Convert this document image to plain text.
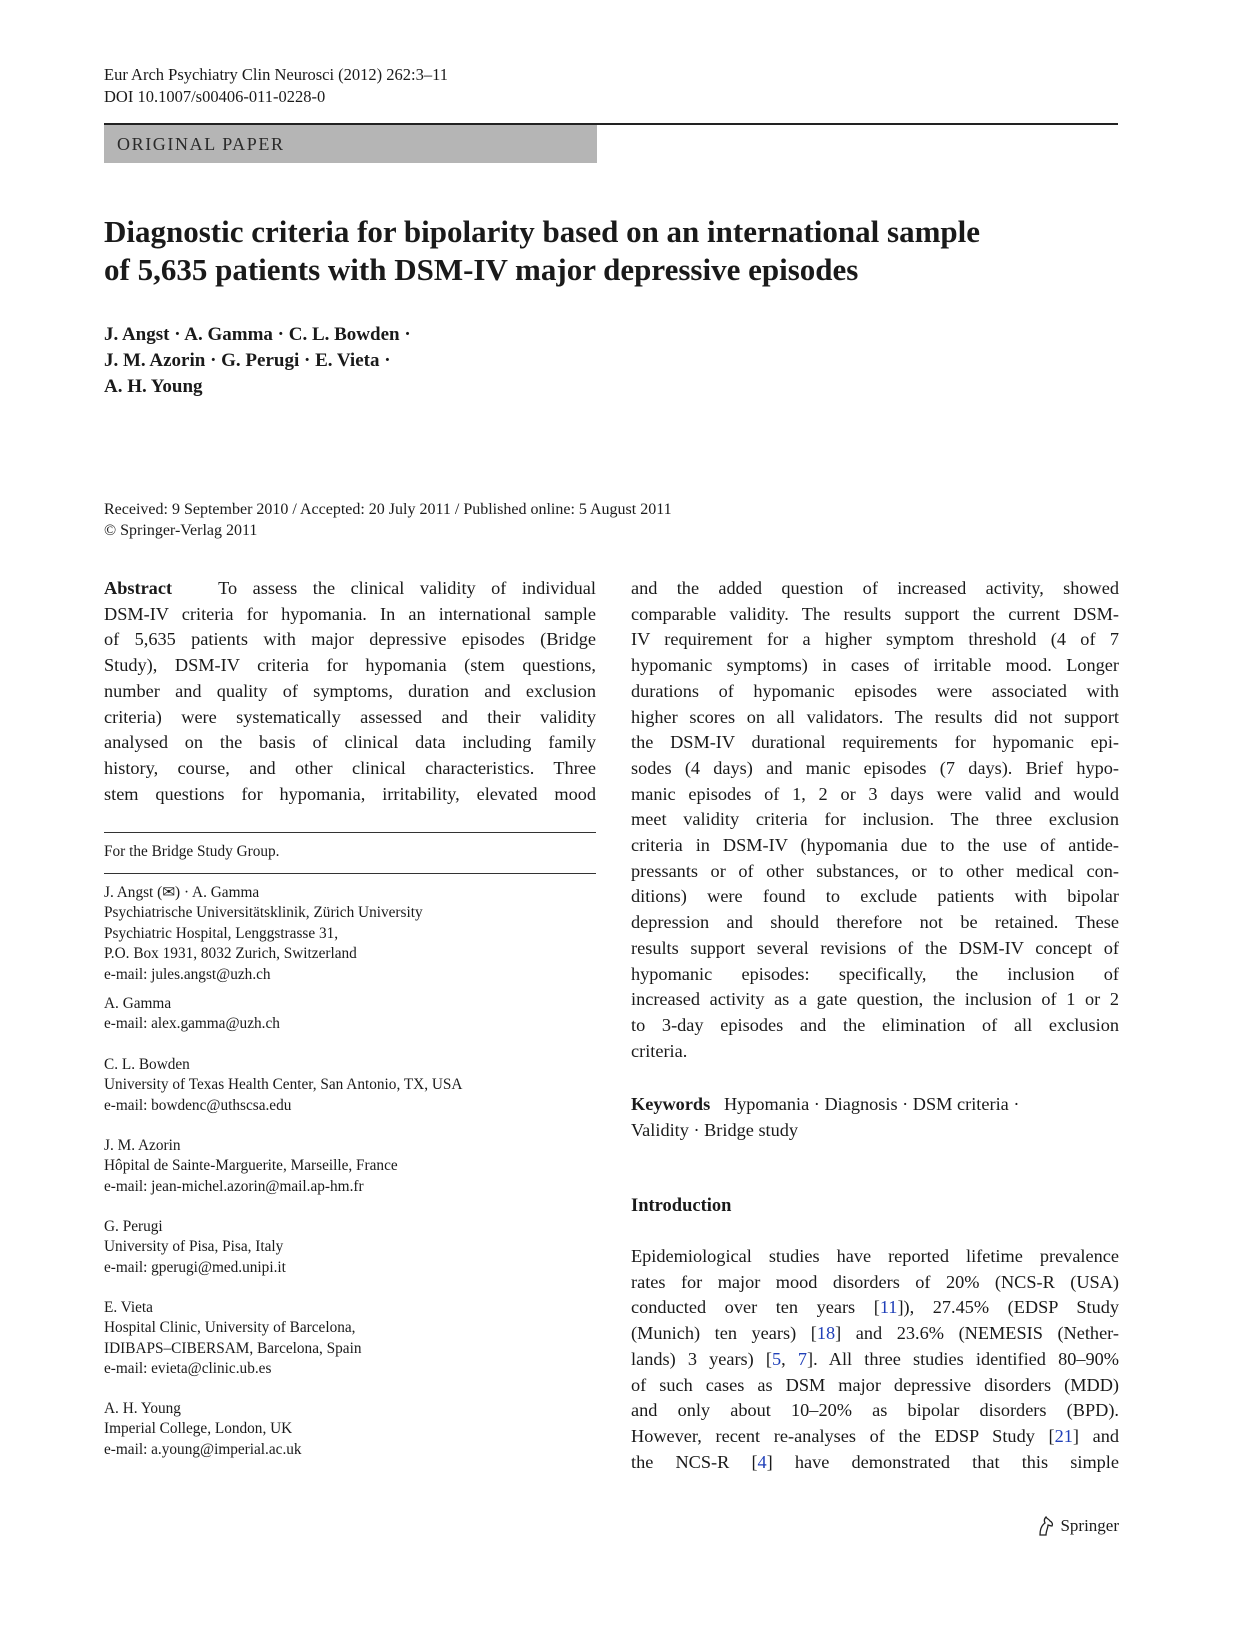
Eur Arch Psychiatry Clin Neurosci (2012) 262:3–11
DOI 10.1007/s00406-011-0228-0
ORIGINAL PAPER
Diagnostic criteria for bipolarity based on an international sample
of 5,635 patients with DSM-IV major depressive episodes
J. Angst · A. Gamma · C. L. Bowden ·
J. M. Azorin · G. Perugi · E. Vieta ·
A. H. Young
Received: 9 September 2010 / Accepted: 20 July 2011 / Published online: 5 August 2011
© Springer-Verlag 2011
Abstract	To assess the clinical validity of individual
DSM-IV criteria for hypomania. In an international sample
of 5,635 patients with major depressive episodes (Bridge
Study), DSM-IV criteria for hypomania (stem questions,
number and quality of symptoms, duration and exclusion
criteria) were systematically assessed and their validity
analysed on the basis of clinical data including family
history, course, and other clinical characteristics. Three
stem questions for hypomania, irritability, elevated mood
For the Bridge Study Group.
J. Angst (✉) · A. Gamma
Psychiatrische Universitätsklinik, Zürich University
Psychiatric Hospital, Lenggstrasse 31,
P.O. Box 1931, 8032 Zurich, Switzerland
e-mail: jules.angst@uzh.ch
A. Gamma
e-mail: alex.gamma@uzh.ch
C. L. Bowden
University of Texas Health Center, San Antonio, TX, USA
e-mail: bowdenc@uthscsa.edu
J. M. Azorin
Hôpital de Sainte-Marguerite, Marseille, France
e-mail: jean-michel.azorin@mail.ap-hm.fr
G. Perugi
University of Pisa, Pisa, Italy
e-mail: gperugi@med.unipi.it
E. Vieta
Hospital Clinic, University of Barcelona,
IDIBAPS–CIBERSAM, Barcelona, Spain
e-mail: evieta@clinic.ub.es
A. H. Young
Imperial College, London, UK
e-mail: a.young@imperial.ac.uk
and the added question of increased activity, showed
comparable validity. The results support the current DSM-
IV requirement for a higher symptom threshold (4 of 7
hypomanic symptoms) in cases of irritable mood. Longer
durations of hypomanic episodes were associated with
higher scores on all validators. The results did not support
the DSM-IV durational requirements for hypomanic epi-
sodes (4 days) and manic episodes (7 days). Brief hypo-
manic episodes of 1, 2 or 3 days were valid and would
meet validity criteria for inclusion. The three exclusion
criteria in DSM-IV (hypomania due to the use of antide-
pressants or of other substances, or to other medical con-
ditions) were found to exclude patients with bipolar
depression and should therefore not be retained. These
results support several revisions of the DSM-IV concept of
hypomanic episodes: specifically, the inclusion of
increased activity as a gate question, the inclusion of 1 or 2
to 3-day episodes and the elimination of all exclusion
criteria.
Keywords Hypomania · Diagnosis · DSM criteria ·
Validity · Bridge study
Introduction
Epidemiological studies have reported lifetime prevalence
rates for major mood disorders of 20% (NCS-R (USA)
conducted over ten years [11]), 27.45% (EDSP Study
(Munich) ten years) [18] and 23.6% (NEMESIS (Nether-
lands) 3 years) [5, 7]. All three studies identified 80–90%
of such cases as DSM major depressive disorders (MDD)
and only about 10–20% as bipolar disorders (BPD).
However, recent re-analyses of the EDSP Study [21] and
the NCS-R [4] have demonstrated that this simple
Springer
